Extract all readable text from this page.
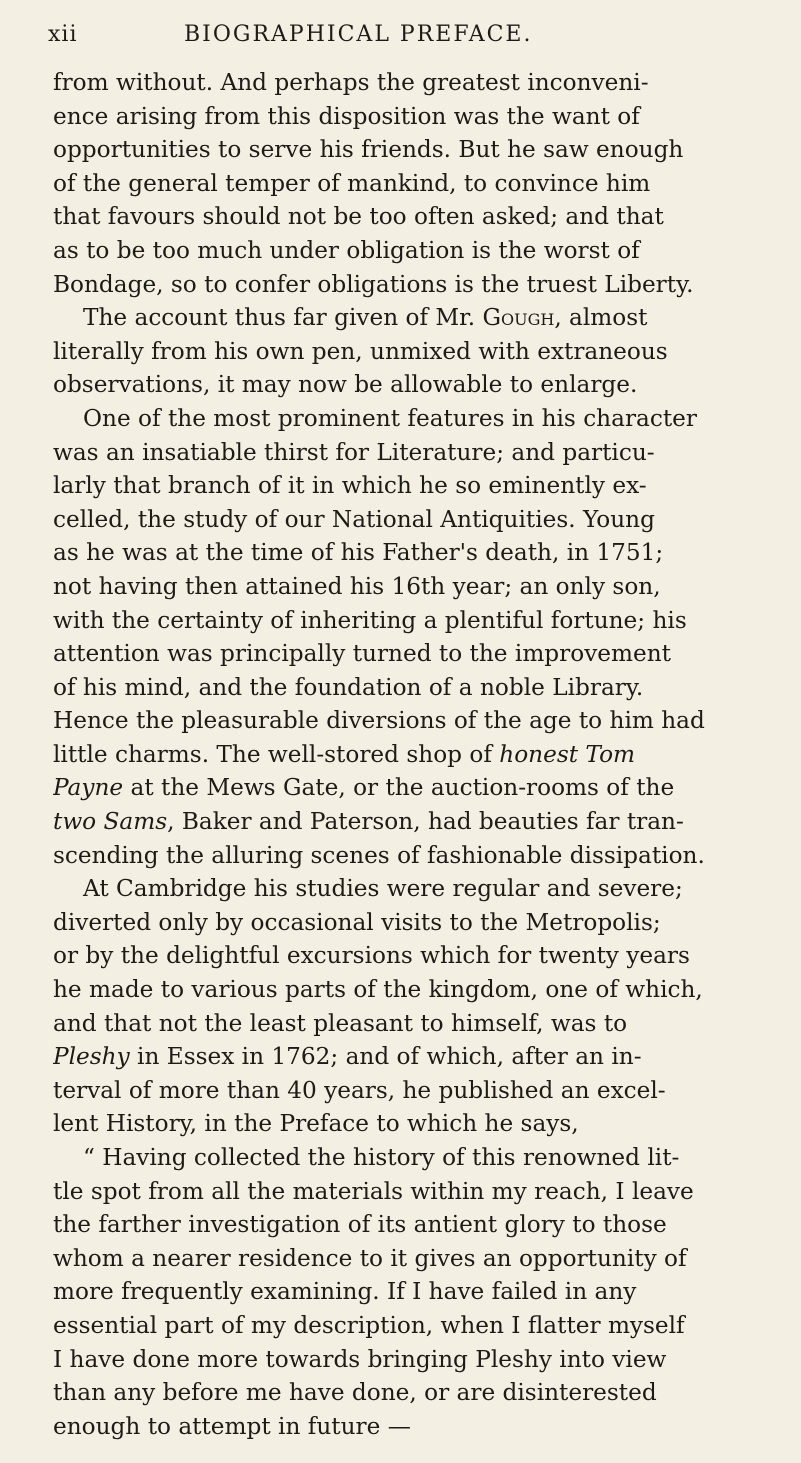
xii	BIOGRAPHICAL PREFACE.
from without. And perhaps the greatest inconveni-
ence arising from this disposition was the want of
opportunities to serve his friends. But he saw enough
of the general temper of mankind, to convince him
that favours should not be too often asked; and that
as to be too much under obligation is the worst of
Bondage, so to confer obligations is the truest Liberty.
The account thus far given of Mr. Gough, almost
literally from his own pen, unmixed with extraneous
observations, it may now be allowable to enlarge.
One of the most prominent features in his character
was an insatiable thirst for Literature; and particu-
larly that branch of it in which he so eminently ex-
celled, the study of our National Antiquities. Young
as he was at the time of his Father's death, in 1751;
not having then attained his 16th year; an only son,
with the certainty of inheriting a plentiful fortune; his
attention was principally turned to the improvement
of his mind, and the foundation of a noble Library.
Hence the pleasurable diversions of the age to him had
little charms. The well-stored shop of honest Tom
Payne at the Mews Gate, or the auction-rooms of the
two Sams, Baker and Paterson, had beauties far tran-
scending the alluring scenes of fashionable dissipation.
At Cambridge his studies were regular and severe;
diverted only by occasional visits to the Metropolis;
or by the delightful excursions which for twenty years
he made to various parts of the kingdom, one of which,
and that not the least pleasant to himself, was to
Pleshy in Essex in 1762; and of which, after an in-
terval of more than 40 years, he published an excel-
lent History, in the Preface to which he says,
“ Having collected the history of this renowned lit-
tle spot from all the materials within my reach, I leave
the farther investigation of its antient glory to those
whom a nearer residence to it gives an opportunity of
more frequently examining. If I have failed in any
essential part of my description, when I flatter myself
I have done more towards bringing Pleshy into view
than any before me have done, or are disinterested
enough to attempt in future —
